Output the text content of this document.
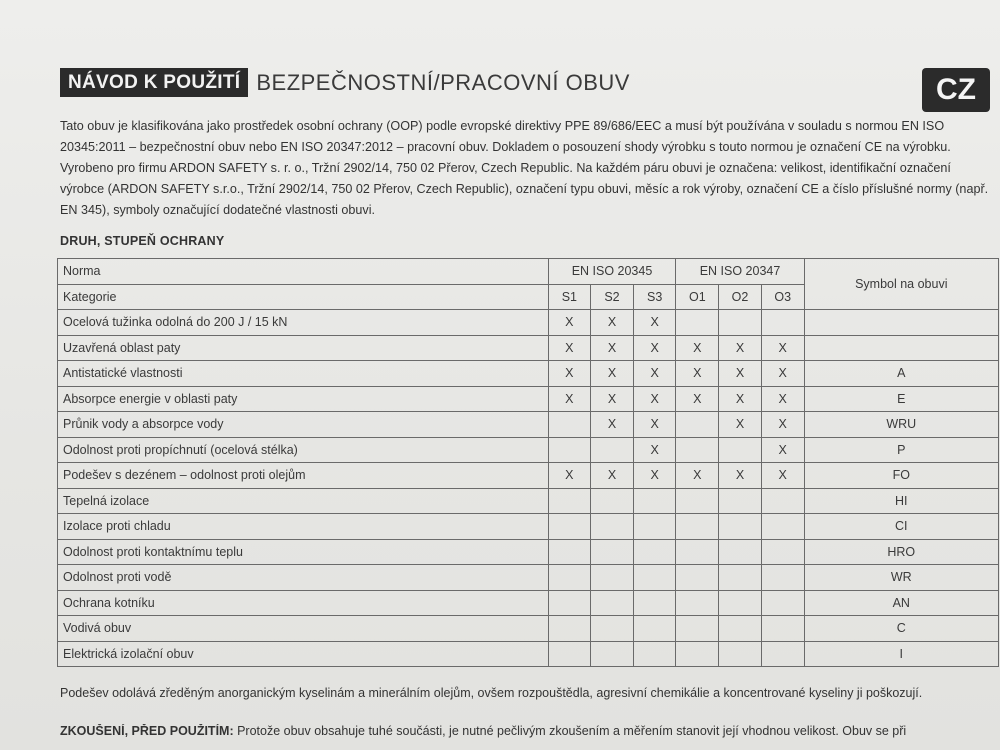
NÁVOD K POUŽITÍ BEZPEČNOSTNÍ/PRACOVNÍ OBUV	CZ
Tato obuv je klasifikována jako prostředek osobní ochrany (OOP) podle evropské direktivy PPE 89/686/EEC a musí být používána v souladu s normou EN ISO 20345:2011 – bezpečnostní obuv nebo EN ISO 20347:2012 – pracovní obuv. Dokladem o posouzení shody výrobku s touto normou je označení CE na výrobku. Vyrobeno pro firmu ARDON SAFETY s. r. o., Tržní 2902/14, 750 02 Přerov, Czech Republic. Na každém páru obuvi je označena: velikost, identifikační označení výrobce (ARDON SAFETY s.r.o., Tržní 2902/14, 750 02 Přerov, Czech Republic), označení typu obuvi, měsíc a rok výroby, označení CE a číslo příslušné normy (např. EN 345), symboly označující dodatečné vlastnosti obuvi.
DRUH, STUPEŇ OCHRANY
Norma	EN ISO 20345			EN ISO 20347			Symbol na obuvi
Kategorie	S1	S2	S3	O1	O2	O3	
Ocelová tužinka odolná do 200 J / 15 kN	X	X	X				
Uzavřená oblast paty	X	X	X	X	X	X	
Antistatické vlastnosti	X	X	X	X	X	X	A
Absorpce energie v oblasti paty	X	X	X	X	X	X	E
Průnik vody a absorpce vody		X	X		X	X	WRU
Odolnost proti propíchnutí (ocelová stélka)			X			X	P
Podešev s dezénem – odolnost proti olejům	X	X	X	X	X	X	FO
Tepelná izolace							HI
Izolace proti chladu							CI
Odolnost proti kontaktnímu teplu							HRO
Odolnost proti vodě							WR
Ochrana kotníku							AN
Vodivá obuv							C
Elektrická izolační obuv							I
Podešev odolává zředěným anorganickým kyselinám a minerálním olejům, ovšem rozpouštědla, agresivní chemikálie a koncentrované kyseliny ji poškozují.
ZKOUŠENÍ, PŘED POUŽITÍM: Protože obuv obsahuje tuhé součásti, je nutné pečlivým zkoušením a měřením stanovit její vhodnou velikost. Obuv se při
